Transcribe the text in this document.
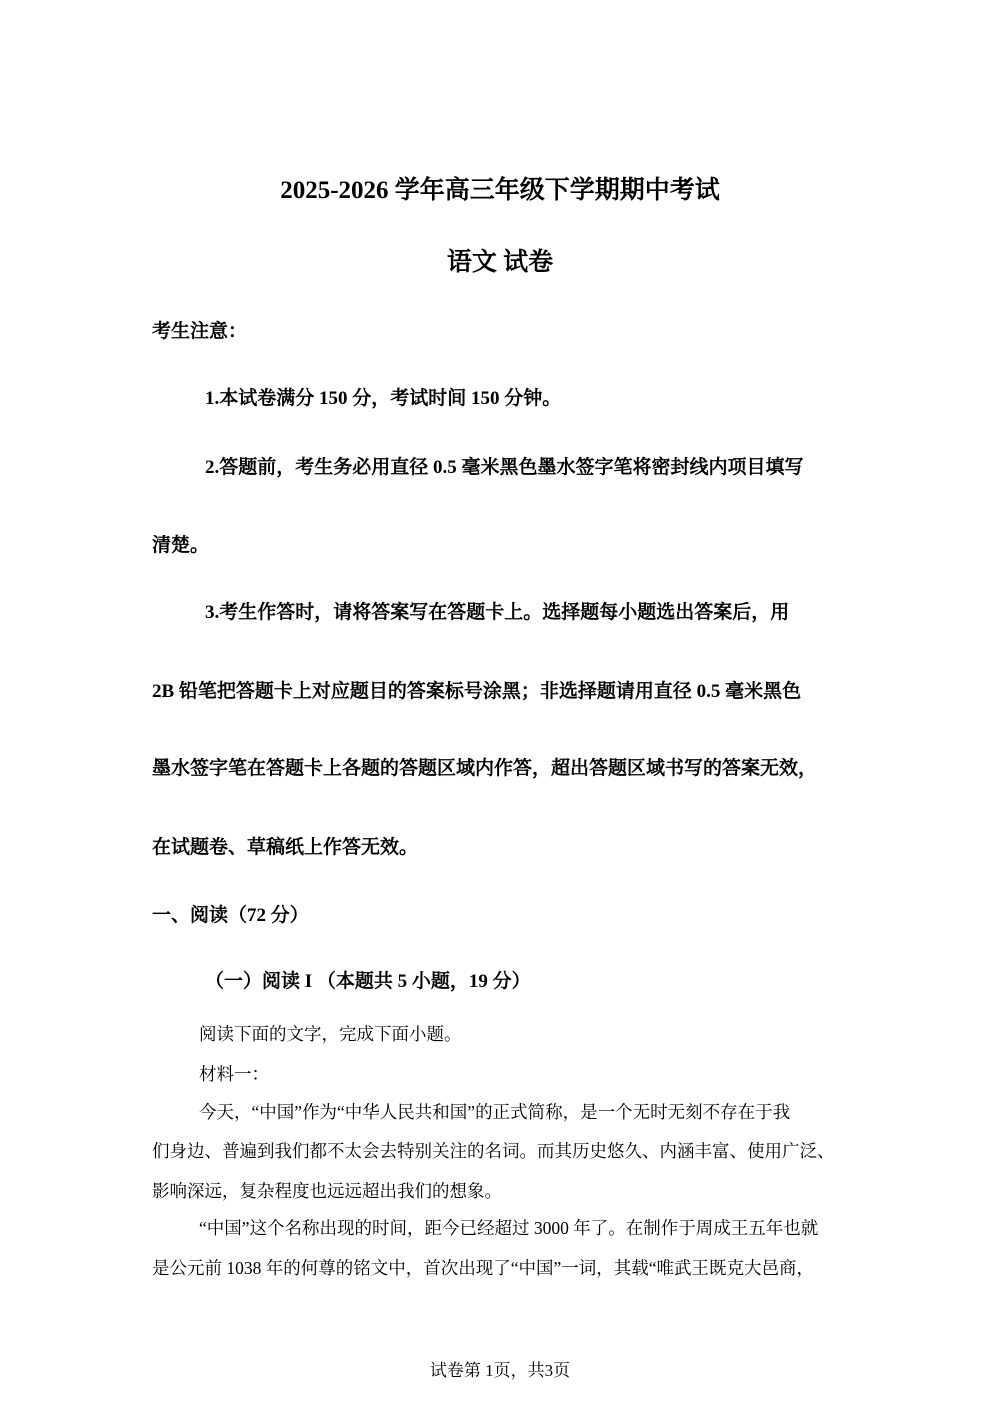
2025-2026 学年高三年级下学期期中考试
语文 试卷
考生注意：
1.本试卷满分 150 分，考试时间 150 分钟。
2.答题前，考生务必用直径 0.5 毫米黑色墨水签字笔将密封线内项目填写
清楚。
3.考生作答时，请将答案写在答题卡上。选择题每小题选出答案后，用
2B 铅笔把答题卡上对应题目的答案标号涂黑；非选择题请用直径 0.5 毫米黑色
墨水签字笔在答题卡上各题的答题区域内作答，超出答题区域书写的答案无效，
在试题卷、草稿纸上作答无效。
一、阅读（72 分）
（一）阅读 I （本题共 5 小题，19 分）
阅读下面的文字，完成下面小题。
材料一：
今天，“中国”作为“中华人民共和国”的正式简称，是一个无时无刻不存在于我
们身边、普遍到我们都不太会去特别关注的名词。而其历史悠久、内涵丰富、使用广泛、
影响深远，复杂程度也远远超出我们的想象。
“中国”这个名称出现的时间，距今已经超过 3000 年了。在制作于周成王五年也就
是公元前 1038 年的何尊的铭文中，首次出现了“中国”一词，其载“唯武王既克大邑商，
试卷第 1页，共3页
